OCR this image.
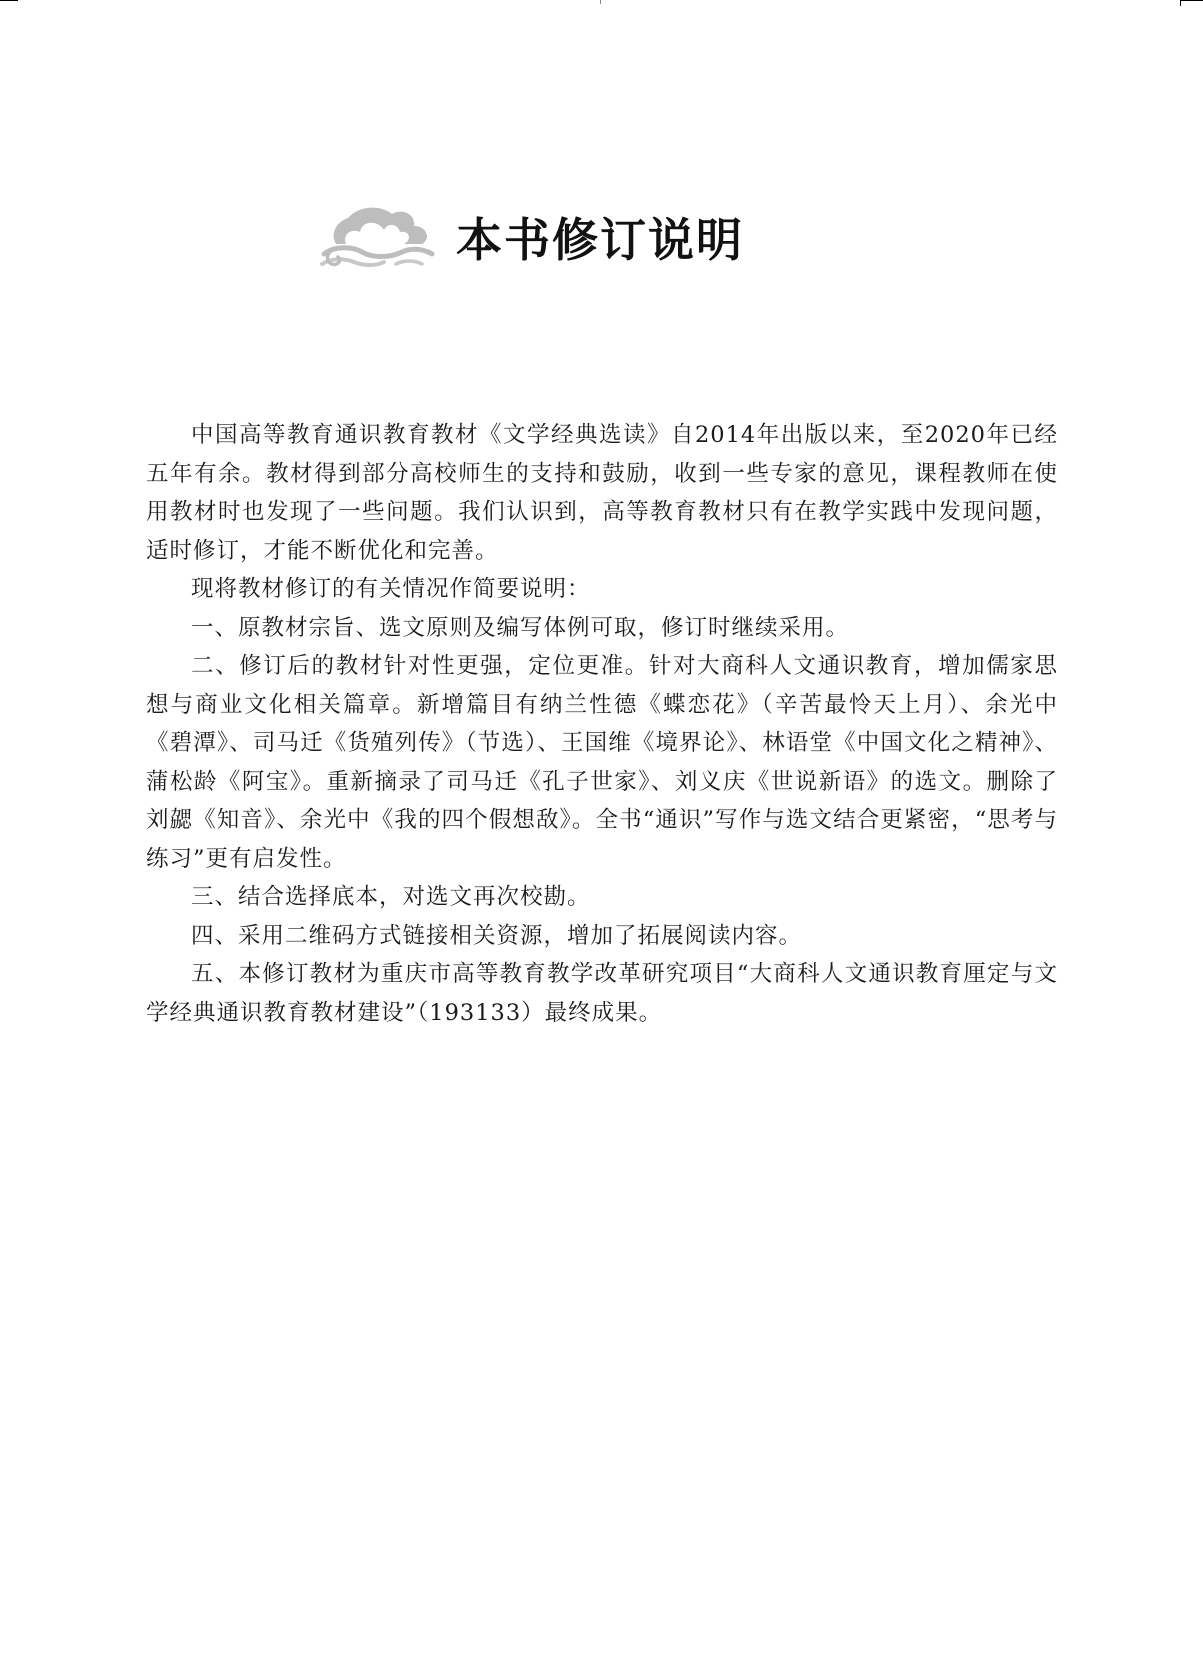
本书修订说明

中国高等教育通识教育教材《文学经典选读》自2014年出版以来，至2020年已经五年有余。教材得到部分高校师生的支持和鼓励，收到一些专家的意见，课程教师在使用教材时也发现了一些问题。我们认识到，高等教育教材只有在教学实践中发现问题，适时修订，才能不断优化和完善。

现将教材修订的有关情况作简要说明：

一、原教材宗旨、选文原则及编写体例可取，修订时继续采用。

二、修订后的教材针对性更强，定位更准。针对大商科人文通识教育，增加儒家思想与商业文化相关篇章。新增篇目有纳兰性德《蝶恋花》（辛苦最怜天上月）、余光中《碧潭》、司马迁《货殖列传》（节选）、王国维《境界论》、林语堂《中国文化之精神》、蒲松龄《阿宝》。重新摘录了司马迁《孔子世家》、刘义庆《世说新语》的选文。删除了刘勰《知音》、余光中《我的四个假想敌》。全书“通识”写作与选文结合更紧密，“思考与练习”更有启发性。

三、结合选择底本，对选文再次校勘。

四、采用二维码方式链接相关资源，增加了拓展阅读内容。

五、本修订教材为重庆市高等教育教学改革研究项目“大商科人文通识教育厘定与文学经典通识教育教材建设”（193133）最终成果。
